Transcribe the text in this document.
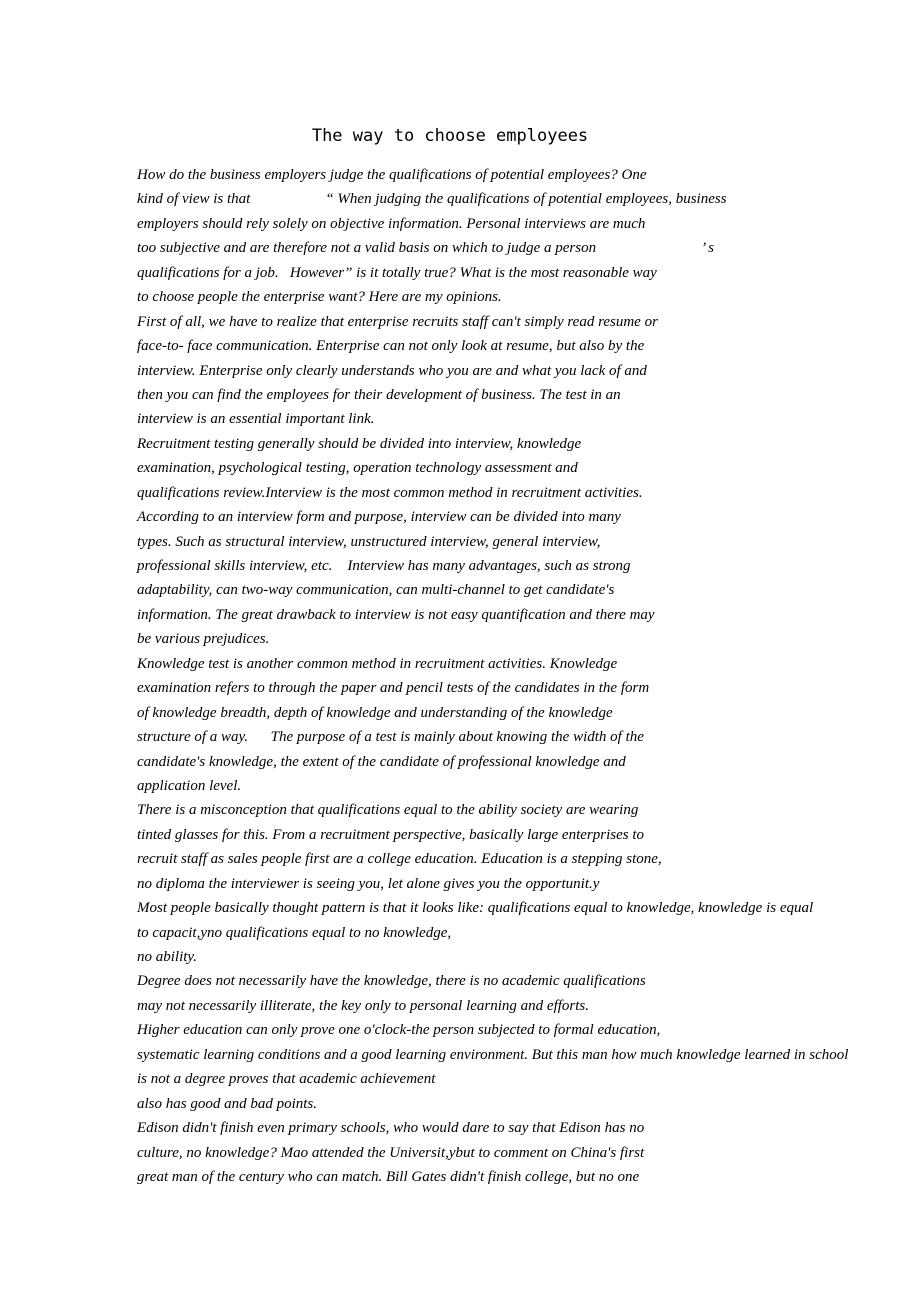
The way to choose employees
How do the business employers judge the qualifications of potential employees? One
kind of view is that                    “ When judging the qualifications of potential employees, business
employers should rely solely on objective information. Personal interviews are much
too subjective and are therefore not a valid basis on which to judge a person                            ’ s
qualifications for a job.   However” is it totally true? What is the most reasonable way
to choose people the enterprise want? Here are my opinions.
First of all, we have to realize that enterprise recruits staff can't simply read resume or
face-to- face communication. Enterprise can not only look at resume, but also by the
interview. Enterprise only clearly understands who you are and what you lack of and
then you can find the employees for their development of business. The test in an
interview is an essential important link.
Recruitment testing generally should be divided into interview, knowledge
examination, psychological testing, operation technology assessment and
qualifications review.Interview is the most common method in recruitment activities.
According to an interview form and purpose, interview can be divided into many
types. Such as structural interview, unstructured interview, general interview,
professional skills interview, etc.    Interview has many advantages, such as strong
adaptability, can two-way communication, can multi-channel to get candidate's
information. The great drawback to interview is not easy quantification and there may
be various prejudices.
Knowledge test is another common method in recruitment activities. Knowledge
examination refers to through the paper and pencil tests of the candidates in the form
of knowledge breadth, depth of knowledge and understanding of the knowledge
structure of a way.      The purpose of a test is mainly about knowing the width of the
candidate's knowledge, the extent of the candidate of professional knowledge and
application level.
There is a misconception that qualifications equal to the ability society are wearing
tinted glasses for this. From a recruitment perspective, basically large enterprises to
recruit staff as sales people first are a college education. Education is a stepping stone,
no diploma the interviewer is seeing you, let alone gives you the opportunit.y
Most people basically thought pattern is that it looks like: qualifications equal to knowledge, knowledge is equal
to capacit,yno qualifications equal to no knowledge,
no ability.
Degree does not necessarily have the knowledge, there is no academic qualifications
may not necessarily illiterate, the key only to personal learning and efforts.
Higher education can only prove one o'clock-the person subjected to formal education,
systematic learning conditions and a good learning environment. But this man how much knowledge learned in school
is not a degree proves that academic achievement
also has good and bad points.
Edison didn't finish even primary schools, who would dare to say that Edison has no
culture, no knowledge? Mao attended the Universit,ybut to comment on China's first
great man of the century who can match. Bill Gates didn't finish college, but no one
